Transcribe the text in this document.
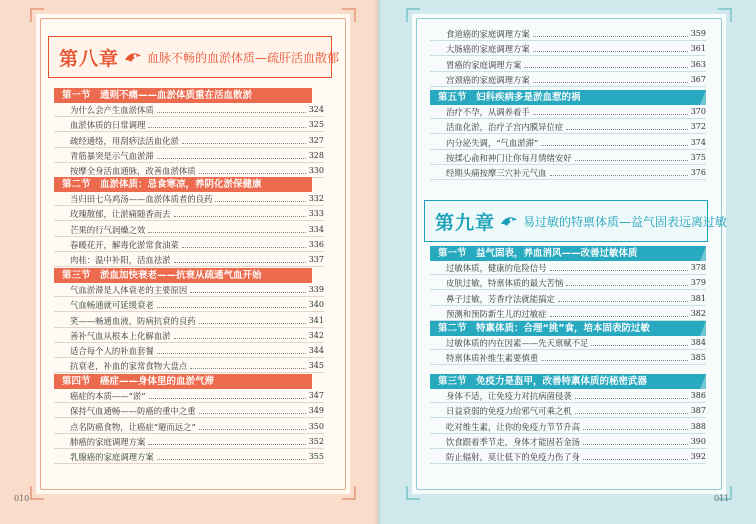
第八章 血脉不畅的血淤体质—疏肝活血散郁
第一节　通则不痛——血淤体质重在活血散淤
为什么会产生血淤体质	324
血淤体质的日常调理	325
疏经通络，用刮痧法活血化淤	327
青筋暴突是示气血淤滞	328
按摩全身活血通脉，改善血淤体质	330
第二节　血淤体质：忌食寒凉，养阴化淤保健康
当归田七乌鸡汤——血淤体质者的良药	332
玫瑰散郁，让淤痛随香而去	333
芒果的行气润燥之效	334
春暖花开，解毒化淤常食油菜	336
肉桂：温中补阳，活血祛淤	337
第三节　淤血加快衰老——抗衰从疏通气血开始
气血淤滞是人体衰老的主要原因	339
气血畅通就可延缓衰老	340
笑——畅通血液，防病抗衰的良药	341
善补气血从根本上化解血淤	342
适合每个人的补血套餐	344
抗衰老，补血的家常食物大盘点	345
第四节　癌症——身体里的血淤气滞
癌症的本质——“淤”	347
保持气血通畅——防癌的重中之重	349
点名防癌食物，让癌症“避而远之”	350
肺癌的家庭调理方案	352
乳腺癌的家庭调理方案	355
食道癌的家庭调理方案	359
大肠癌的家庭调理方案	361
胃癌的家庭调理方案	363
宫颈癌的家庭调理方案	367
第五节　妇科疾病多是淤血惹的祸
治疗不孕，从调养着手	370
活血化淤，治疗子宫内膜异位症	372
内分泌失调，“气血淤滞”	374
按揉心俞和神门让你每月情绪安好	375
经期头痛按摩三穴补元气血	376
第九章 易过敏的特禀体质—益气固表远离过敏
第一节　益气固表，养血消风——改善过敏体质
过敏体质，健康的危险信号	378
皮肤过敏，特禀体质的最大苦恼	379
鼻子过敏，芳香疗法就能搞定	381
预测和预防新生儿的过敏症	382
第二节　特禀体质：合理“挑”食，培本固表防过敏
过敏体质的内在因素——先天禀赋不足	384
特禀体质补维生素要慎重	385
第三节　免疫力是盔甲，改善特禀体质的秘密武器
身体不适，让免疫力对抗病菌侵袭	386
日益衰弱的免疫力给邪气可乘之机	387
吃对维生素，让你的免疫力节节升高	388
饮食跟着季节走，身体才能固若金汤	390
防止辐射，莫让低下的免疫力伤了身	392
010	011
